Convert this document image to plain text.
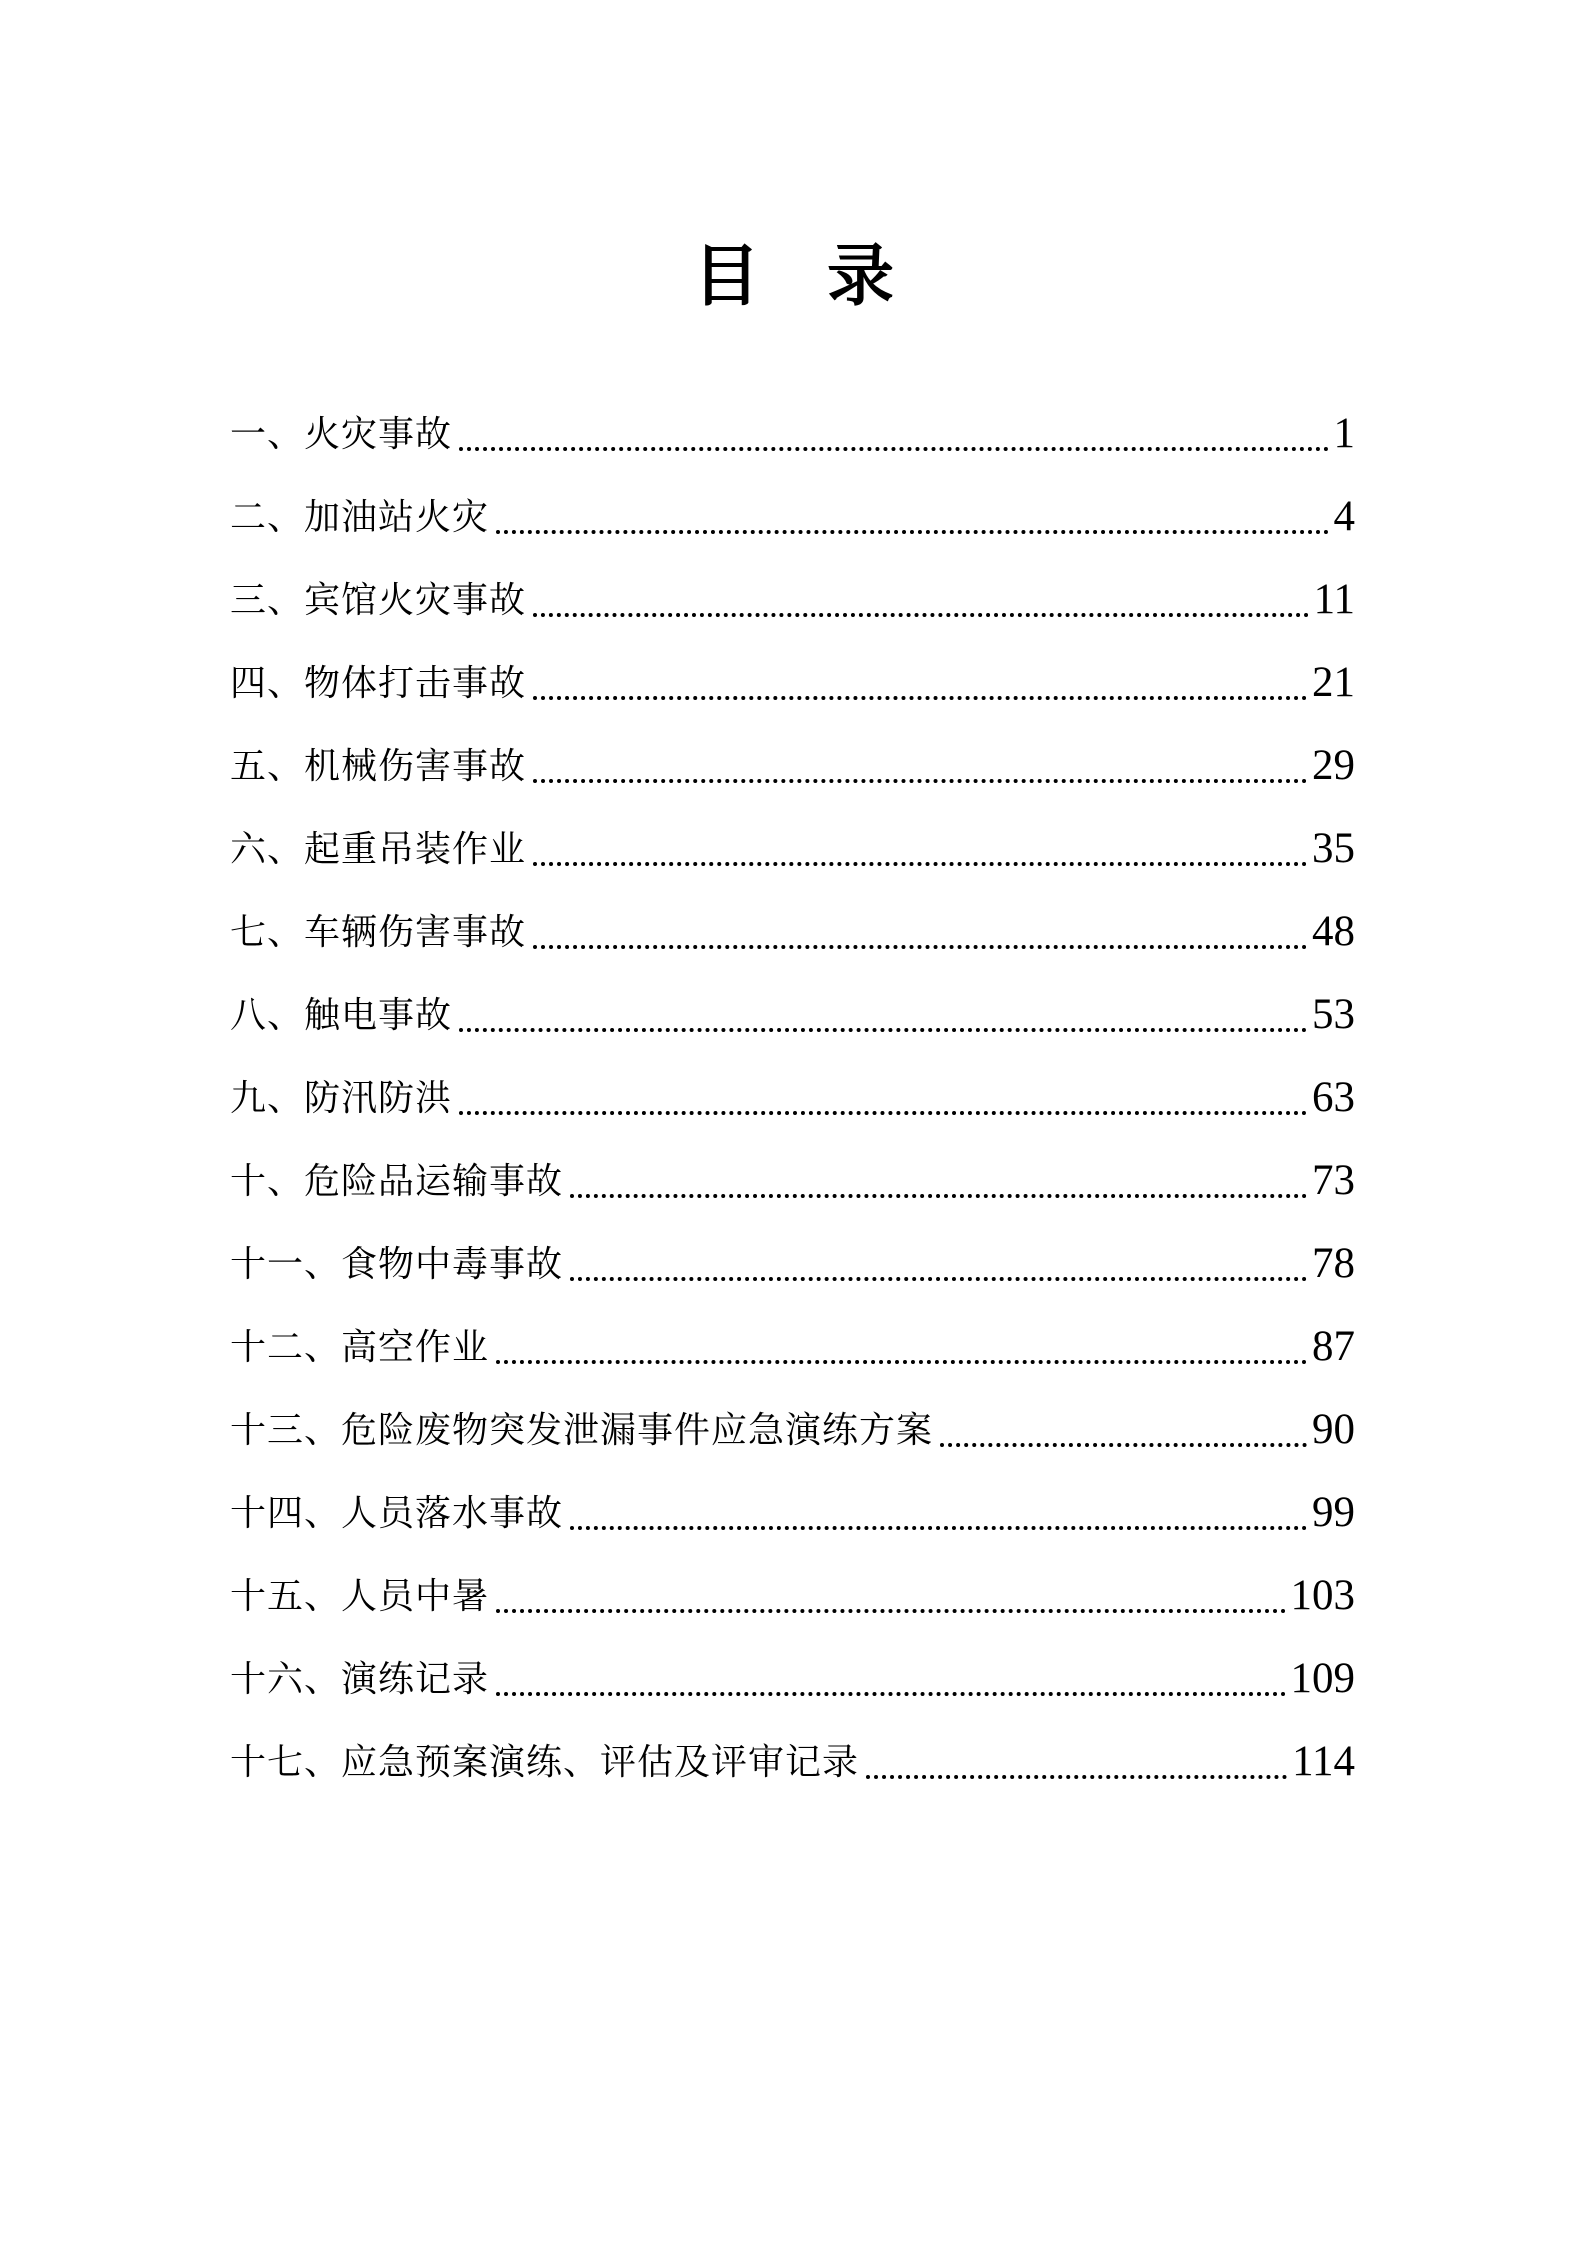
目　录
一、火灾事故	1
二、加油站火灾	4
三、宾馆火灾事故	11
四、物体打击事故	21
五、机械伤害事故	29
六、起重吊装作业	35
七、车辆伤害事故	48
八、触电事故	53
九、防汛防洪	63
十、危险品运输事故	73
十一、食物中毒事故	78
十二、高空作业	87
十三、危险废物突发泄漏事件应急演练方案	90
十四、人员落水事故	99
十五、人员中暑	103
十六、演练记录	109
十七、应急预案演练、评估及评审记录	114
